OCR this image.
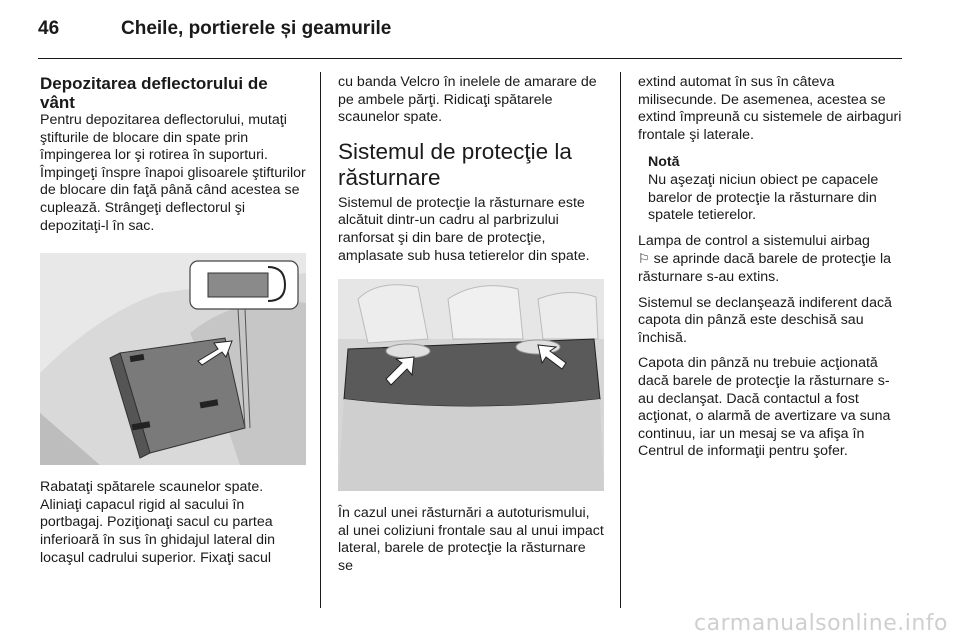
46	Cheile, portierele și geamurile

Depozitarea deflectorului de vânt

Pentru depozitarea deflectorului, mutaţi ştifturile de blocare din spate prin împingerea lor şi rotirea în suporturi. Împingeţi înspre înapoi glisoarele ştifturilor de blocare din faţă până când acestea se cuplează. Strângeţi deflectorul şi depozitaţi-l în sac.

Rabataţi spătarele scaunelor spate. Aliniaţi capacul rigid al sacului în portbagaj. Poziţionaţi sacul cu partea inferioară în sus în ghidajul lateral din locaşul cadrului superior. Fixaţi sacul

cu banda Velcro în inelele de amarare de pe ambele părţi. Ridicaţi spătarele scaunelor spate.

Sistemul de protecţie la răsturnare

Sistemul de protecţie la răsturnare este alcătuit dintr-un cadru al parbrizului ranforsat şi din bare de protecţie, amplasate sub husa tetierelor din spate.

În cazul unei răsturnări a autoturismului, al unei coliziuni frontale sau al unui impact lateral, barele de protecţie la răsturnare se

extind automat în sus în câteva milisecunde. De asemenea, acestea se extind împreună cu sistemele de airbaguri frontale şi laterale.

Notă

Nu aşezaţi niciun obiect pe capacele barelor de protecţie la răsturnare din spatele tetierelor.

Lampa de control a sistemului airbag
⚐ se aprinde dacă barele de protecţie la răsturnare s-au extins.

Sistemul se declanşează indiferent dacă capota din pânză este deschisă sau închisă.

Capota din pânză nu trebuie acţionată dacă barele de protecţie la răsturnare s-au declanşat. Dacă contactul a fost acţionat, o alarmă de avertizare va suna continuu, iar un mesaj se va afişa în Centrul de informaţii pentru şofer.

carmanualsonline.info
